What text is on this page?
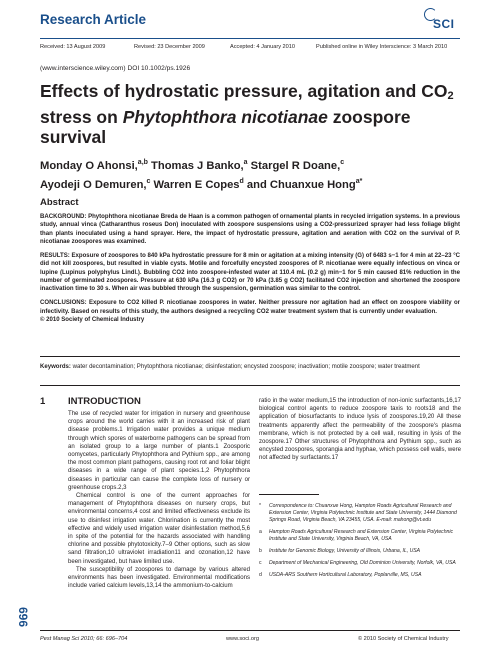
Research Article	SCI
Received: 13 August 2009	Revised: 23 December 2009	Accepted: 4 January 2010	Published online in Wiley Interscience: 3 March 2010
(www.interscience.wiley.com) DOI 10.1002/ps.1926
Effects of hydrostatic pressure, agitation and $CO_2$ stress on Phytophthora nicotianae zoospore survival
Monday O Ahonsi,$^{a,b}$ Thomas J Banko,$^a$ Stargel R Doane,$^c$
Ayodeji O Demuren,$^c$ Warren E Copes$^d$ and Chuanxue Hong$^{a*}$
Abstract

BACKGROUND: Phytophthora nicotianae Breda de Haan is a common pathogen of ornamental plants in recycled irrigation systems. In a previous study, annual vinca (Catharanthus roseus Don) inoculated with zoospore suspensions using a CO2-pressurized sprayer had less foliage blight than plants inoculated using a hand sprayer. Here, the impact of hydrostatic pressure, agitation and aeration with CO2 on the survival of P. nicotianae zoospores was examined.

RESULTS: Exposure of zoospores to 840 kPa hydrostatic pressure for 8 min or agitation at a mixing intensity (G) of 6483 s−1 for 4 min at 22–23 °C did not kill zoospores, but resulted in viable cysts. Motile and forcefully encysted zoospores of P. nicotianae were equally infectious on vinca or lupine (Lupinus polyphylus Lindl.). Bubbling CO2 into zoospore-infested water at 110.4 mL (0.2 g) min−1 for 5 min caused 81% reduction in the number of germinated zoospores. Pressure at 630 kPa (16.3 g CO2) or 70 kPa (3.85 g CO2) facilitated CO2 injection and shortened the zoospore inactivation time to 30 s. When air was bubbled through the suspension, germination was similar to the control.

CONCLUSIONS: Exposure to CO2 killed P. nicotianae zoospores in water. Neither pressure nor agitation had an effect on zoospore viability or infectivity. Based on results of this study, the authors designed a recycling CO2 water treatment system that is currently under evaluation.

© 2010 Society of Chemical Industry
Keywords: water decontamination; Phytophthora nicotianae; disinfestation; encysted zoospore; inactivation; motile zoospore; water treatment
1 INTRODUCTION

The use of recycled water for irrigation in nursery and greenhouse crops around the world carries with it an increased risk of plant disease problems.1 Irrigation water provides a unique medium through which spores of waterborne pathogens can be spread from an isolated group to a large number of plants.1 Zoosporic oomycetes, particularly Phytophthora and Pythium spp., are among the most common plant pathogens, causing root rot and foliar blight diseases in a wide range of plant species.1,2 Phytophthora diseases in particular can cause the complete loss of nursery or greenhouse crops.2,3

Chemical control is one of the current approaches for management of Phytophthora diseases on nursery crops, but environmental concerns,4 cost and limited effectiveness exclude its use to disinfest irrigation water. Chlorination is currently the most effective and widely used irrigation water disinfestation method,5,6 in spite of the potential for the hazards associated with handling chlorine and possible phytotoxicity.7–9 Other options, such as slow sand filtration,10 ultraviolet irradiation11 and ozonation,12 have been investigated, but have limited use.

The susceptibility of zoospores to damage by various altered environments has been investigated. Environmental modifications include varied calcium levels,13,14 the ammonium-to-calcium

ratio in the water medium,15 the introduction of non-ionic surfactants,16,17 biological control agents to reduce zoospore taxis to roots18 and the application of biosurfactants to induce lysis of zoospores.19,20 All these treatments apparently affect the permeability of the zoospore's plasma membrane, which is not protected by a cell wall, resulting in lysis of the zoospore.17 Other structures of Phytophthora and Pythium spp., such as encysted zoospores, sporangia and hyphae, which possess cell walls, were not affected by surfactants.17
* Correspondence to: Chuanxue Hong, Hampton Roads Agricultural Research and Extension Center, Virginia Polytechnic Institute and State University, 1444 Diamond Springs Road, Virginia Beach, VA 23455, USA. E-mail: mahong@vt.edu
a Hampton Roads Agricultural Research and Extension Center, Virginia Polytechnic Institute and State University, Virginia Beach, VA, USA
b Institute for Genomic Biology, University of Illinois, Urbana, IL, USA
c Department of Mechanical Engineering, Old Dominion University, Norfolk, VA, USA
d USDA-ARS Southern Horticultural Laboratory, Poplarville, MS, USA
696
Pest Manag Sci 2010; 66: 696–704	www.soci.org	© 2010 Society of Chemical Industry
